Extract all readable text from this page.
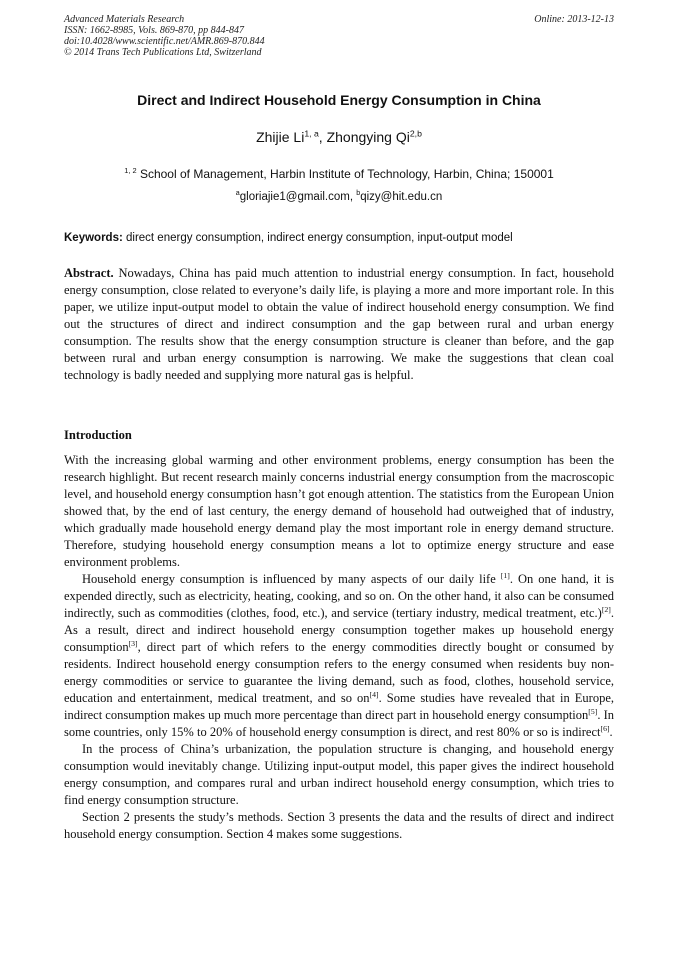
Advanced Materials Research
ISSN: 1662-8985, Vols. 869-870, pp 844-847
doi:10.4028/www.scientific.net/AMR.869-870.844
© 2014 Trans Tech Publications Ltd, Switzerland
Online: 2013-12-13
Direct and Indirect Household Energy Consumption in China
Zhijie Li$^{1, a}$, Zhongying Qi$^{2,b}$
$^{1, 2}$ School of Management, Harbin Institute of Technology, Harbin, China; 150001
$^a$gloriajie1@gmail.com, $^b$qizy@hit.edu.cn
Keywords: direct energy consumption, indirect energy consumption, input-output model
Abstract. Nowadays, China has paid much attention to industrial energy consumption. In fact, household energy consumption, close related to everyone’s daily life, is playing a more and more important role. In this paper, we utilize input-output model to obtain the value of indirect household energy consumption. We find out the structures of direct and indirect consumption and the gap between rural and urban energy consumption. The results show that the energy consumption structure is cleaner than before, and the gap between rural and urban energy consumption is narrowing. We make the suggestions that clean coal technology is badly needed and supplying more natural gas is helpful.
Introduction

With the increasing global warming and other environment problems, energy consumption has been the research highlight. But recent research mainly concerns industrial energy consumption from the macroscopic level, and household energy consumption hasn’t got enough attention. The statistics from the European Union showed that, by the end of last century, the energy demand of household had outweighed that of industry, which gradually made household energy demand play the most important role in energy demand structure. Therefore, studying household energy consumption means a lot to optimize energy structure and ease environment problems.

Household energy consumption is influenced by many aspects of our daily life [1]. On one hand, it is expended directly, such as electricity, heating, cooking, and so on. On the other hand, it also can be consumed indirectly, such as commodities (clothes, food, etc.), and service (tertiary industry, medical treatment, etc.)[2]. As a result, direct and indirect household energy consumption together makes up household energy consumption[3], direct part of which refers to the energy commodities directly bought or consumed by residents. Indirect household energy consumption refers to the energy consumed when residents buy non-energy commodities or service to guarantee the living demand, such as food, clothes, household service, education and entertainment, medical treatment, and so on[4]. Some studies have revealed that in Europe, indirect consumption makes up much more percentage than direct part in household energy consumption[5]. In some countries, only 15% to 20% of household energy consumption is direct, and rest 80% or so is indirect[6].

In the process of China’s urbanization, the population structure is changing, and household energy consumption would inevitably change. Utilizing input-output model, this paper gives the indirect household energy consumption, and compares rural and urban indirect household energy consumption, which tries to find energy consumption structure.

Section 2 presents the study’s methods. Section 3 presents the data and the results of direct and indirect household energy consumption. Section 4 makes some suggestions.
